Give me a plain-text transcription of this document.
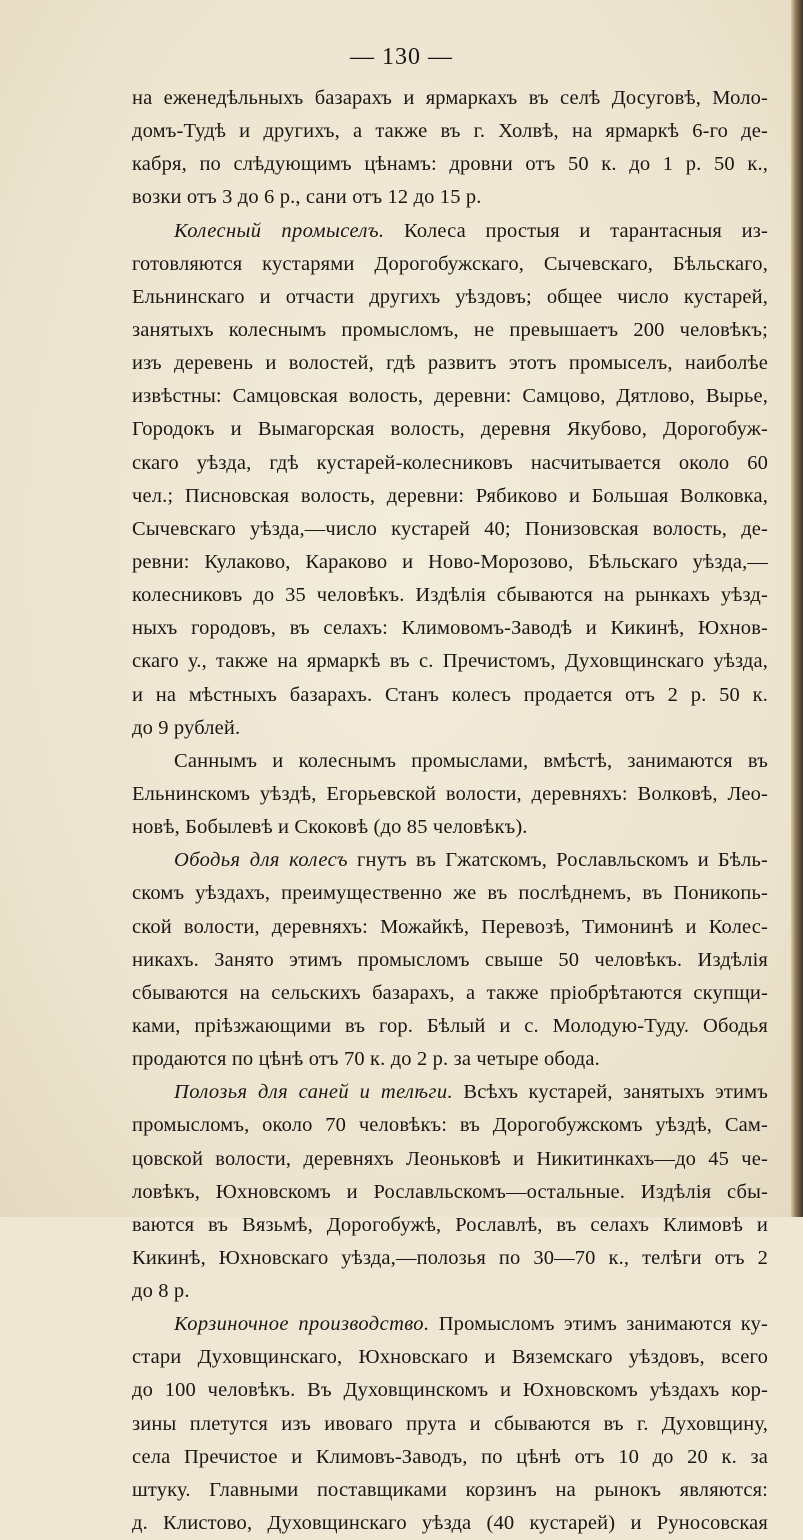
— 130 —
на еженедѣльныхъ базарахъ и ярмаркахъ въ селѣ Досуговѣ, Моло-
домъ-Тудѣ и другихъ, а также въ г. Холвѣ, на ярмаркѣ 6-го де-
кабря, по слѣдующимъ цѣнамъ: дровни отъ 50 к. до 1 р. 50 к.,
возки отъ 3 до 6 р., сани отъ 12 до 15 р.
Колесный промыселъ. Колеса простыя и тарантасныя из-
готовляются кустарями Дорогобужскаго, Сычевскаго, Бѣльскаго,
Ельнинскаго и отчасти другихъ уѣздовъ; общее число кустарей,
занятыхъ колеснымъ промысломъ, не превышаетъ 200 человѣкъ;
изъ деревень и волостей, гдѣ развитъ этотъ промыселъ, наиболѣе
извѣстны: Самцовская волость, деревни: Самцово, Дятлово, Вырье,
Городокъ и Вымагорская волость, деревня Якубово, Дорогобуж-
скаго уѣзда, гдѣ кустарей-колесниковъ насчитывается около 60
чел.; Писновская волость, деревни: Рябиково и Большая Волковка,
Сычевскаго уѣзда,—число кустарей 40; Понизовская волость, де-
ревни: Кулаково, Караково и Ново-Морозово, Бѣльскаго уѣзда,—
колесниковъ до 35 человѣкъ. Издѣлія сбываются на рынкахъ уѣзд-
ныхъ городовъ, въ селахъ: Климовомъ-Заводѣ и Кикинѣ, Юхнов-
скаго у., также на ярмаркѣ въ с. Пречистомъ, Духовщинскаго уѣзда,
и на мѣстныхъ базарахъ. Станъ колесъ продается отъ 2 р. 50 к.
до 9 рублей.
Саннымъ и колеснымъ промыслами, вмѣстѣ, занимаются въ
Ельнинскомъ уѣздѣ, Егорьевской волости, деревняхъ: Волковѣ, Лео-
новѣ, Бобылевѣ и Скоковѣ (до 85 человѣкъ).
Ободья для колесъ гнутъ въ Гжатскомъ, Рославльскомъ и Бѣль-
скомъ уѣздахъ, преимущественно же въ послѣднемъ, въ Поникопь-
ской волости, деревняхъ: Можайкѣ, Перевозѣ, Тимонинѣ и Колес-
никахъ. Занято этимъ промысломъ свыше 50 человѣкъ. Издѣлія
сбываются на сельскихъ базарахъ, а также пріобрѣтаются скупщи-
ками, пріѣзжающими въ гор. Бѣлый и с. Молодую-Туду. Ободья
продаются по цѣнѣ отъ 70 к. до 2 р. за четыре обода.
Полозья для саней и телѣги. Всѣхъ кустарей, занятыхъ этимъ
промысломъ, около 70 человѣкъ: въ Дорогобужскомъ уѣздѣ, Сам-
цовской волости, деревняхъ Леоньковѣ и Никитинкахъ—до 45 че-
ловѣкъ, Юхновскомъ и Рославльскомъ—остальные. Издѣлія сбы-
ваются въ Вязьмѣ, Дорогобужѣ, Рославлѣ, въ селахъ Климовѣ и
Кикинѣ, Юхновскаго уѣзда,—полозья по 30—70 к., телѣги отъ 2
до 8 р.
Корзиночное производство. Промысломъ этимъ занимаются ку-
стари Духовщинскаго, Юхновскаго и Вяземскаго уѣздовъ, всего
до 100 человѣкъ. Въ Духовщинскомъ и Юхновскомъ уѣздахъ кор-
зины плетутся изъ ивоваго прута и сбываются въ г. Духовщину,
села Пречистое и Климовъ-Заводъ, по цѣнѣ отъ 10 до 20 к. за
штуку. Главными поставщиками корзинъ на рынокъ являются:
д. Клистово, Духовщинскаго уѣзда (40 кустарей) и Руносовская
